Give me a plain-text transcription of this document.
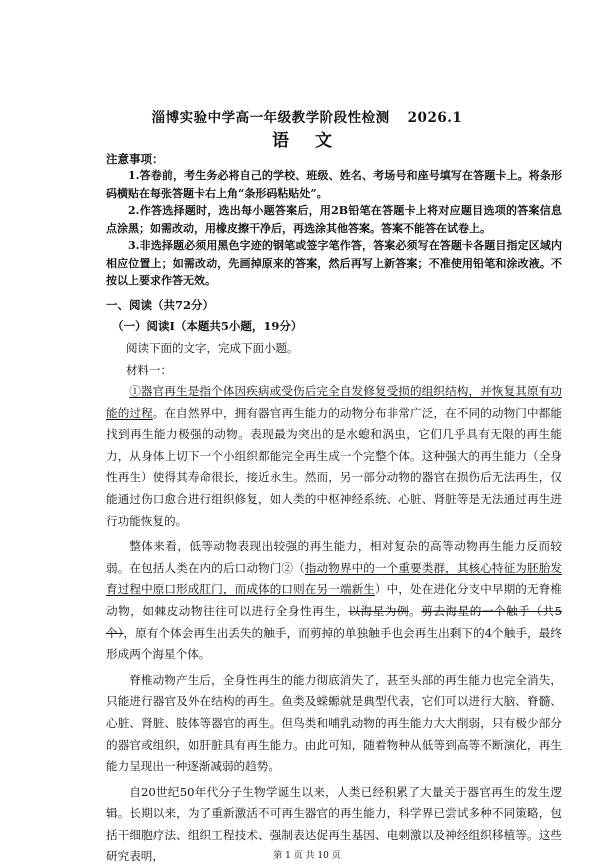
淄博实验中学高一年级教学阶段性检测 2026.1
语 文
注意事项：

1.答卷前，考生务必将自己的学校、班级、姓名、考场号和座号填写在答题卡上。将条形码横贴在每张答题卡右上角“条形码粘贴处”。

2.作答选择题时，选出每小题答案后，用2B铅笔在答题卡上将对应题目选项的答案信息点涂黑；如需改动，用橡皮擦干净后，再选涂其他答案。答案不能答在试卷上。

3.非选择题必须用黑色字迹的钢笔或签字笔作答，答案必须写在答题卡各题目指定区域内相应位置上；如需改动，先画掉原来的答案，然后再写上新答案；不准使用铅笔和涂改液。不按以上要求作答无效。

一、阅读（共72分）
（一）阅读Ⅰ（本题共5小题，19分）
阅读下面的文字，完成下面小题。
材料一：

①器官再生是指个体因疾病或受伤后完全自发修复受损的组织结构，并恢复其原有功能的过程。在自然界中，拥有器官再生能力的动物分布非常广泛，在不同的动物门中都能找到再生能力极强的动物。表现最为突出的是水螅和涡虫，它们几乎具有无限的再生能力，从身体上切下一个小组织都能完全再生成一个完整个体。这种强大的再生能力（全身性再生）使得其寿命很长，接近永生。然而，另一部分动物的器官在损伤后无法再生，仅能通过伤口愈合进行组织修复，如人类的中枢神经系统、心脏、肾脏等是无法通过再生进行功能恢复的。

整体来看，低等动物表现出较强的再生能力，相对复杂的高等动物再生能力反而较弱。在包括人类在内的后口动物门②（指动物界中的一个重要类群，其核心特征为胚胎发育过程中原口形成肛门，而成体的口则在另一端新生）中，处在进化分支中早期的无脊椎动物，如棘皮动物往往可以进行全身性再生，以海星为例。剪去海星的一个触手（共5个），原有个体会再生出丢失的触手，而剪掉的单独触手也会再生出剩下的4个触手，最终形成两个海星个体。

脊椎动物产生后，全身性再生的能力彻底消失了，甚至头部的再生能力也完全消失，只能进行器官及外在结构的再生。鱼类及蝾螈就是典型代表，它们可以进行大脑、脊髓、心脏、肾脏、肢体等器官的再生。但鸟类和哺乳动物的再生能力大大削弱，只有极少部分的器官或组织，如肝脏具有再生能力。由此可知，随着物种从低等到高等不断演化，再生能力呈现出一种逐渐减弱的趋势。

自20世纪50年代分子生物学诞生以来，人类已经积累了大量关于器官再生的发生逻辑。长期以来，为了重新激活不可再生器官的再生能力，科学界已尝试多种不同策略，包括干细胞疗法、组织工程技术、强制表达促再生基因、电刺激以及神经组织移植等。这些研究表明，	第 1 页 共 10 页
